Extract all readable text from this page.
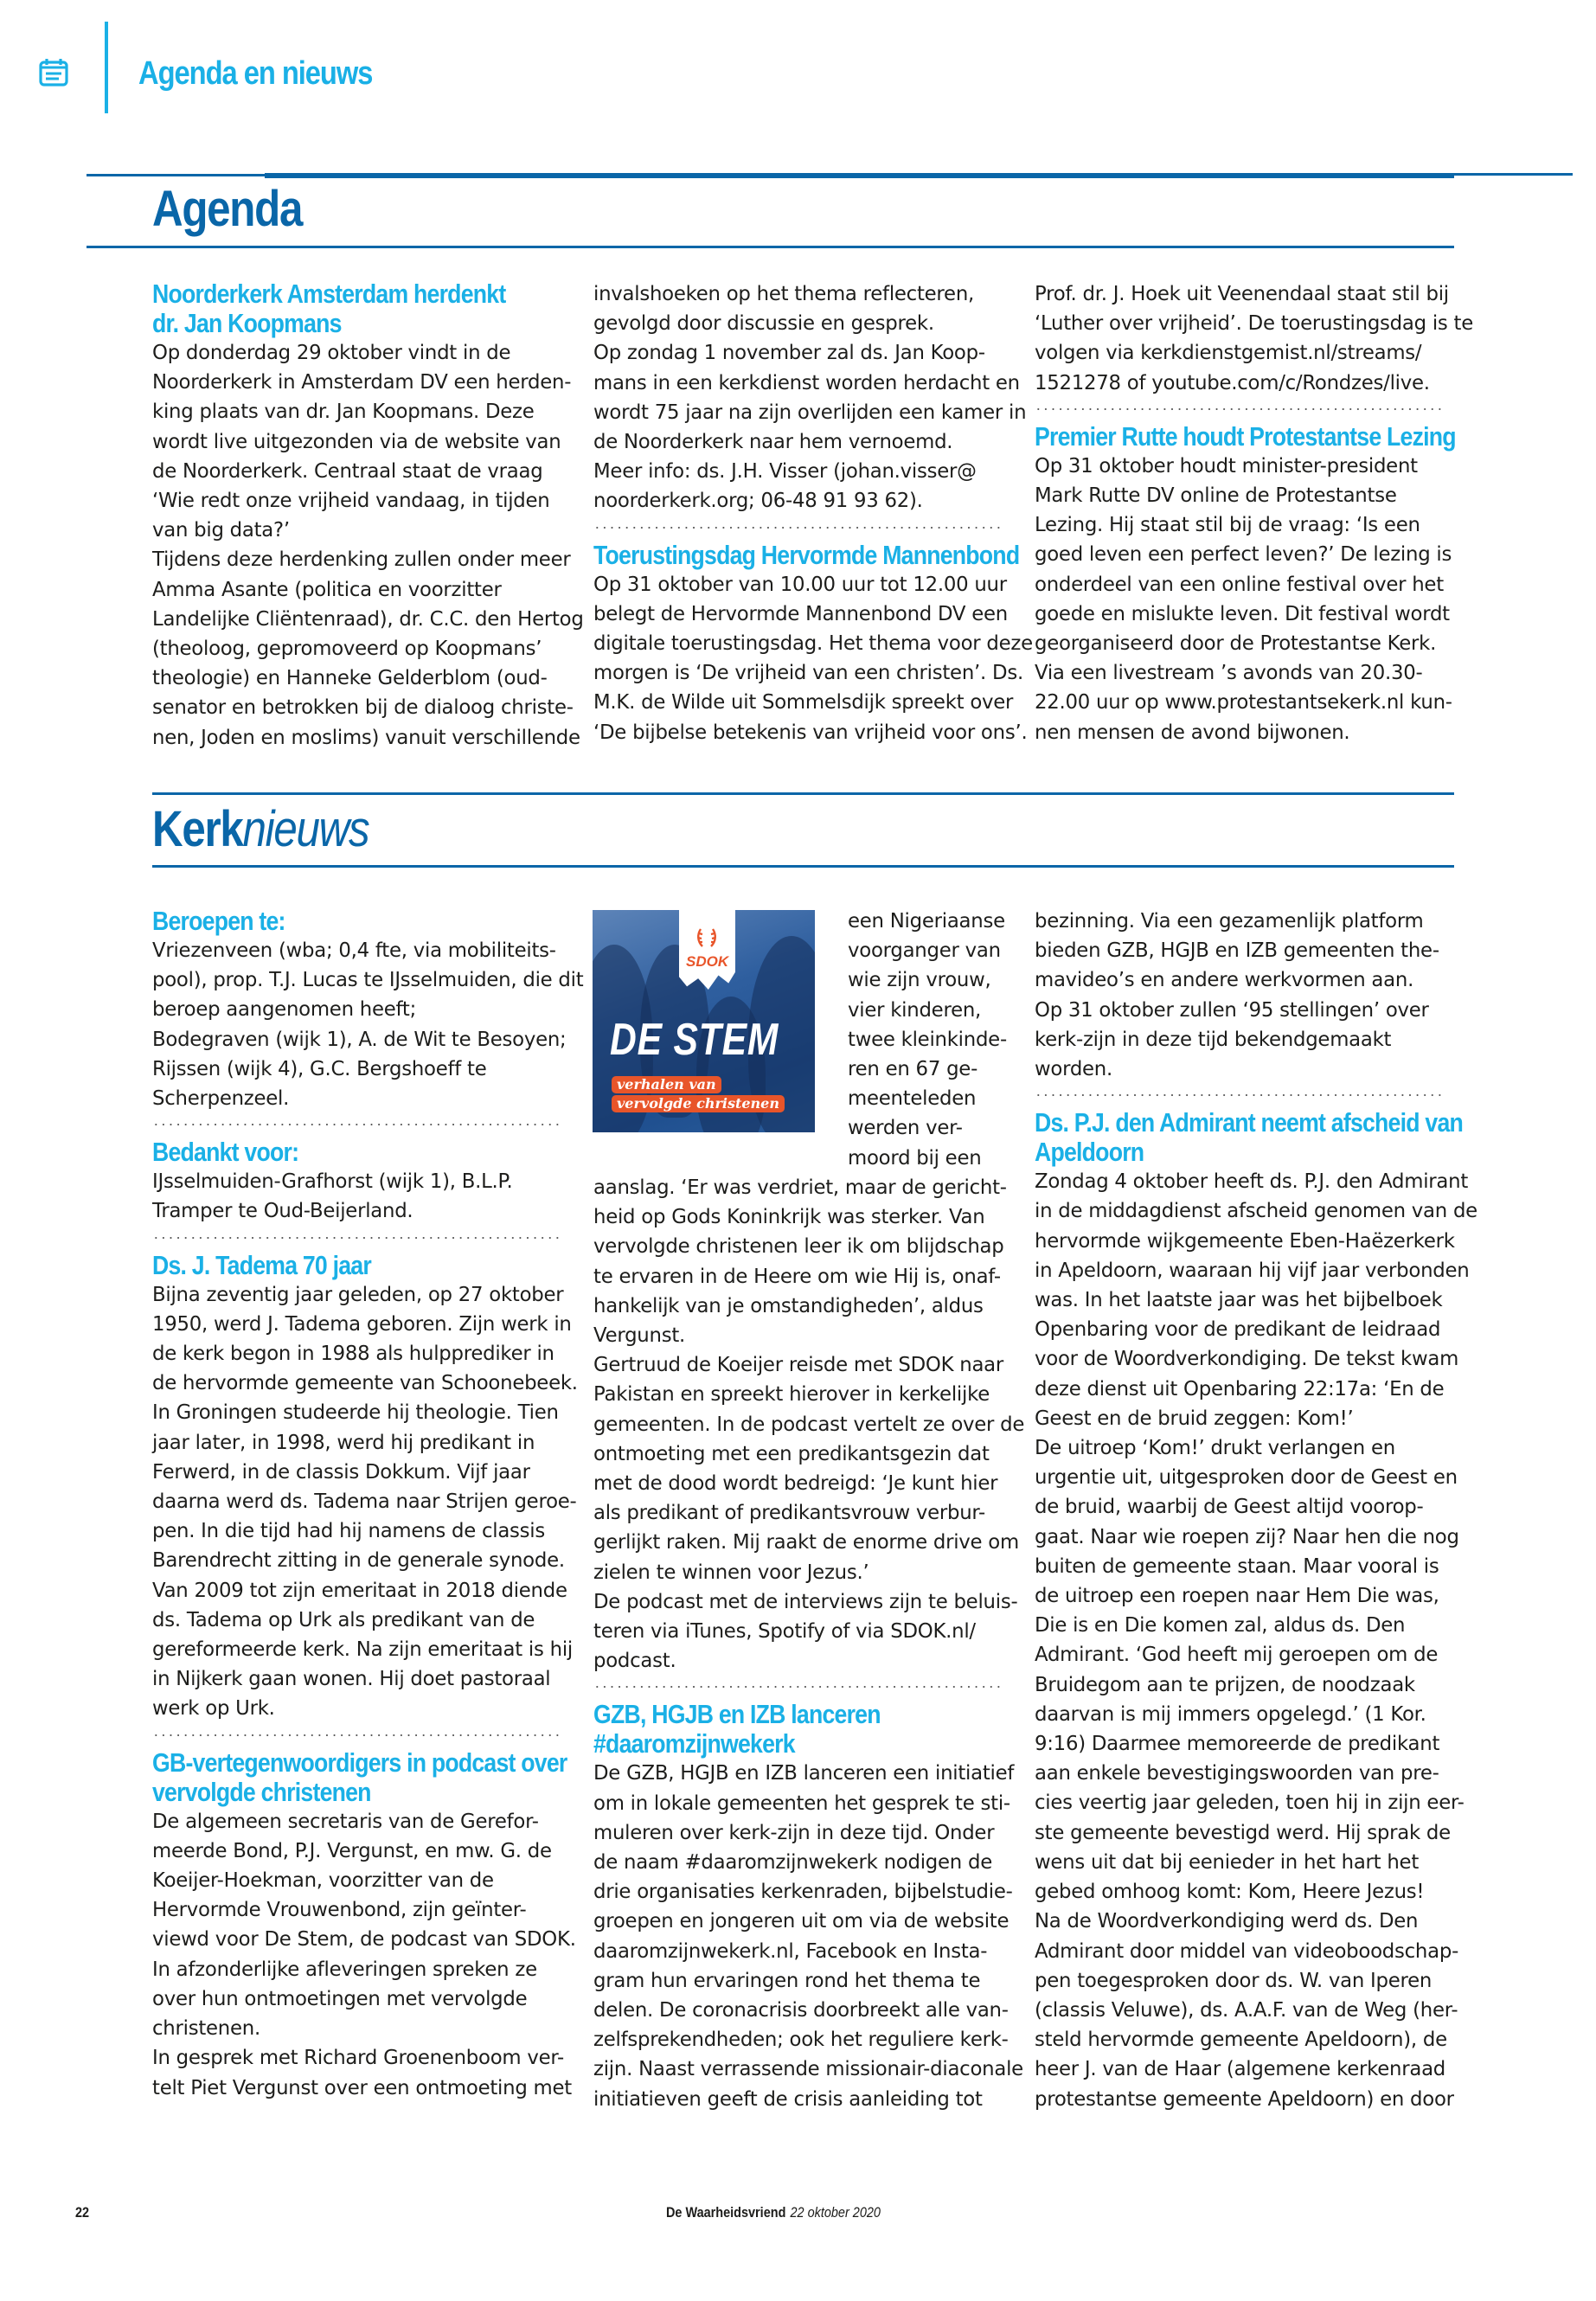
Agenda en nieuws
Agenda
Noorderkerk Amsterdam herdenkt
dr. Jan Koopmans
Op donderdag 29 oktober vindt in de
Noorderkerk in Amsterdam DV een herden-
king plaats van dr. Jan Koopmans. Deze
wordt live uitgezonden via de website van
de Noorderkerk. Centraal staat de vraag
‘Wie redt onze vrijheid vandaag, in tijden
van big data?’
Tijdens deze herdenking zullen onder meer
Amma Asante (politica en voorzitter
Landelijke Cliëntenraad), dr. C.C. den Hertog
(theoloog, gepromoveerd op Koopmans’
theologie) en Hanneke Gelderblom (oud-
senator en betrokken bij de dialoog christe-
nen, Joden en moslims) vanuit verschillende
invalshoeken op het thema reflecteren,
gevolgd door discussie en gesprek.
Op zondag 1 november zal ds. Jan Koop-
mans in een kerkdienst worden herdacht en
wordt 75 jaar na zijn overlijden een kamer in
de Noorderkerk naar hem vernoemd.
Meer info: ds. J.H. Visser (johan.visser@
noorderkerk.org; 06-48 91 93 62).
Toerustingsdag Hervormde Mannenbond
Op 31 oktober van 10.00 uur tot 12.00 uur
belegt de Hervormde Mannenbond DV een
digitale toerustingsdag. Het thema voor deze
morgen is ‘De vrijheid van een christen’. Ds.
M.K. de Wilde uit Sommelsdijk spreekt over
‘De bijbelse betekenis van vrijheid voor ons’.
Prof. dr. J. Hoek uit Veenendaal staat stil bij
‘Luther over vrijheid’. De toerustingsdag is te
volgen via kerkdienstgemist.nl/streams/
1521278 of youtube.com/c/Rondzes/live.
Premier Rutte houdt Protestantse Lezing
Op 31 oktober houdt minister-president
Mark Rutte DV online de Protestantse
Lezing. Hij staat stil bij de vraag: ‘Is een
goed leven een perfect leven?’ De lezing is
onderdeel van een online festival over het
goede en mislukte leven. Dit festival wordt
georganiseerd door de Protestantse Kerk.
Via een livestream ’s avonds van 20.30-
22.00 uur op www.protestantsekerk.nl kun-
nen mensen de avond bijwonen.
Kerknieuws
Beroepen te:
Vriezenveen (wba; 0,4 fte, via mobiliteits-
pool), prop. T.J. Lucas te IJsselmuiden, die dit
beroep aangenomen heeft;
Bodegraven (wijk 1), A. de Wit te Besoyen;
Rijssen (wijk 4), G.C. Bergshoeff te
Scherpenzeel.
Bedankt voor:
IJsselmuiden-Grafhorst (wijk 1), B.L.P.
Tramper te Oud-Beijerland.
Ds. J. Tadema 70 jaar
Bijna zeventig jaar geleden, op 27 oktober
1950, werd J. Tadema geboren. Zijn werk in
de kerk begon in 1988 als hulpprediker in
de hervormde gemeente van Schoonebeek.
In Groningen studeerde hij theologie. Tien
jaar later, in 1998, werd hij predikant in
Ferwerd, in de classis Dokkum. Vijf jaar
daarna werd ds. Tadema naar Strijen geroe-
pen. In die tijd had hij namens de classis
Barendrecht zitting in de generale synode.
Van 2009 tot zijn emeritaat in 2018 diende
ds. Tadema op Urk als predikant van de
gereformeerde kerk. Na zijn emeritaat is hij
in Nijkerk gaan wonen. Hij doet pastoraal
werk op Urk.
GB-vertegenwoordigers in podcast over
vervolgde christenen
De algemeen secretaris van de Gerefor-
meerde Bond, P.J. Vergunst, en mw. G. de
Koeijer-Hoekman, voorzitter van de
Hervormde Vrouwenbond, zijn geïnter-
viewd voor De Stem, de podcast van SDOK.
In afzonderlijke afleveringen spreken ze
over hun ontmoetingen met vervolgde
christenen.
In gesprek met Richard Groenenboom ver-
telt Piet Vergunst over een ontmoeting met
SDOK
DE STEM
verhalen van
vervolgde christenen
een Nigeriaanse
voorganger van
wie zijn vrouw,
vier kinderen,
twee kleinkinde-
ren en 67 ge-
meenteleden
werden ver-
moord bij een
aanslag. ‘Er was verdriet, maar de gericht-
heid op Gods Koninkrijk was sterker. Van
vervolgde christenen leer ik om blijdschap
te ervaren in de Heere om wie Hij is, onaf-
hankelijk van je omstandigheden’, aldus
Vergunst.
Gertruud de Koeijer reisde met SDOK naar
Pakistan en spreekt hierover in kerkelijke
gemeenten. In de podcast vertelt ze over de
ontmoeting met een predikantsgezin dat
met de dood wordt bedreigd: ‘Je kunt hier
als predikant of predikantsvrouw verbur-
gerlijkt raken. Mij raakt de enorme drive om
zielen te winnen voor Jezus.’
De podcast met de interviews zijn te beluis-
teren via iTunes, Spotify of via SDOK.nl/
podcast.
GZB, HGJB en IZB lanceren
#daaromzijnwekerk
De GZB, HGJB en IZB lanceren een initiatief
om in lokale gemeenten het gesprek te sti-
muleren over kerk-zijn in deze tijd. Onder
de naam #daaromzijnwekerk nodigen de
drie organisaties kerkenraden, bijbelstudie-
groepen en jongeren uit om via de website
daaromzijnwekerk.nl, Facebook en Insta-
gram hun ervaringen rond het thema te
delen. De coronacrisis doorbreekt alle van-
zelfsprekendheden; ook het reguliere kerk-
zijn. Naast verrassende missionair-diaconale
initiatieven geeft de crisis aanleiding tot
bezinning. Via een gezamenlijk platform
bieden GZB, HGJB en IZB gemeenten the-
mavideo’s en andere werkvormen aan.
Op 31 oktober zullen ‘95 stellingen’ over
kerk-zijn in deze tijd bekendgemaakt
worden.
Ds. P.J. den Admirant neemt afscheid van
Apeldoorn
Zondag 4 oktober heeft ds. P.J. den Admirant
in de middagdienst afscheid genomen van de
hervormde wijkgemeente Eben-Haëzerkerk
in Apeldoorn, waaraan hij vijf jaar verbonden
was. In het laatste jaar was het bijbelboek
Openbaring voor de predikant de leidraad
voor de Woordverkondiging. De tekst kwam
deze dienst uit Openbaring 22:17a: ‘En de
Geest en de bruid zeggen: Kom!’
De uitroep ‘Kom!’ drukt verlangen en
urgentie uit, uitgesproken door de Geest en
de bruid, waarbij de Geest altijd voorop-
gaat. Naar wie roepen zij? Naar hen die nog
buiten de gemeente staan. Maar vooral is
de uitroep een roepen naar Hem Die was,
Die is en Die komen zal, aldus ds. Den
Admirant. ‘God heeft mij geroepen om de
Bruidegom aan te prijzen, de noodzaak
daarvan is mij immers opgelegd.’ (1 Kor.
9:16) Daarmee memoreerde de predikant
aan enkele bevestigingswoorden van pre-
cies veertig jaar geleden, toen hij in zijn eer-
ste gemeente bevestigd werd. Hij sprak de
wens uit dat bij eenieder in het hart het
gebed omhoog komt: Kom, Heere Jezus!
Na de Woordverkondiging werd ds. Den
Admirant door middel van videoboodschap-
pen toegesproken door ds. W. van Iperen
(classis Veluwe), ds. A.A.F. van de Weg (her-
steld hervormde gemeente Apeldoorn), de
heer J. van de Haar (algemene kerkenraad
protestantse gemeente Apeldoorn) en door
22	De Waarheidsvriend 22 oktober 2020
